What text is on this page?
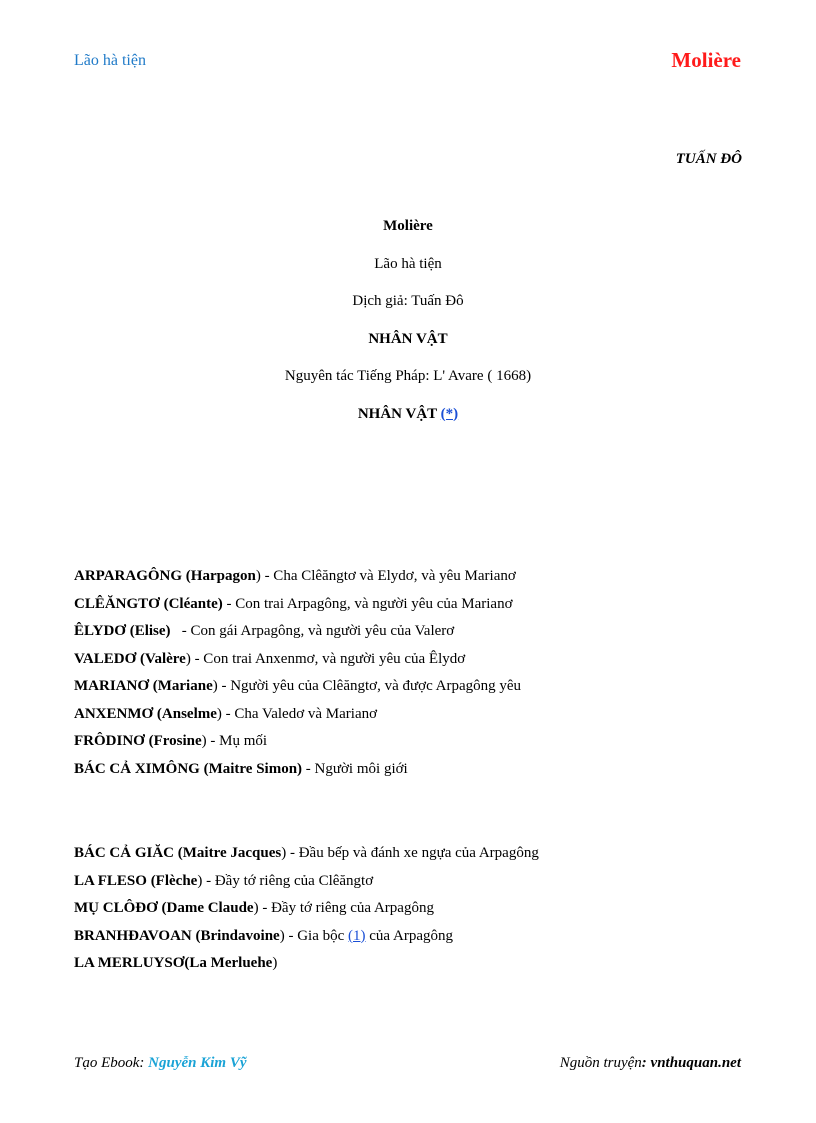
Lão hà tiện	Molière
TUẤN ĐÔ
Molière
Lão hà tiện
Dịch giả: Tuấn Đô
NHÂN VẬT
Nguyên tác Tiếng Pháp: L' Avare ( 1668)
NHÂN VẬT (*)
ARPARAGÔNG (Harpagon) - Cha Clêăngtơ và Elydơ, và yêu Marianơ
CLÊĂNGTƠ (Cléante) - Con trai Arpagông, và người yêu của Marianơ
ÊLYDƠ (Elise)   - Con gái Arpagông, và người yêu của Valerơ
VALEDƠ (Valère) - Con trai Anxenmơ, và người yêu của Êlydơ
MARIANƠ (Mariane) - Người yêu của Clêăngtơ, và được Arpagông yêu
ANXENMƠ (Anselme) - Cha Valedơ và Marianơ
FRÔDINƠ (Frosine) - Mụ mối
BÁC CẢ XIMÔNG (Maitre Simon) - Người môi giới
BÁC CẢ GIĂC (Maitre Jacques) - Đầu bếp và đánh xe ngựa của Arpagông
LA FLESO (Flèche) - Đầy tớ riêng của Clêăngtơ
MỤ CLÔĐƠ (Dame Claude) - Đầy tớ riêng của Arpagông
BRANHĐAVOAN (Brindavoine) - Gia bộc (1) của Arpagông
LA MERLUYSƠ(La Merluehe)
Tạo Ebook: Nguyễn Kim Vỹ	Nguồn truyện: vnthuquan.net
